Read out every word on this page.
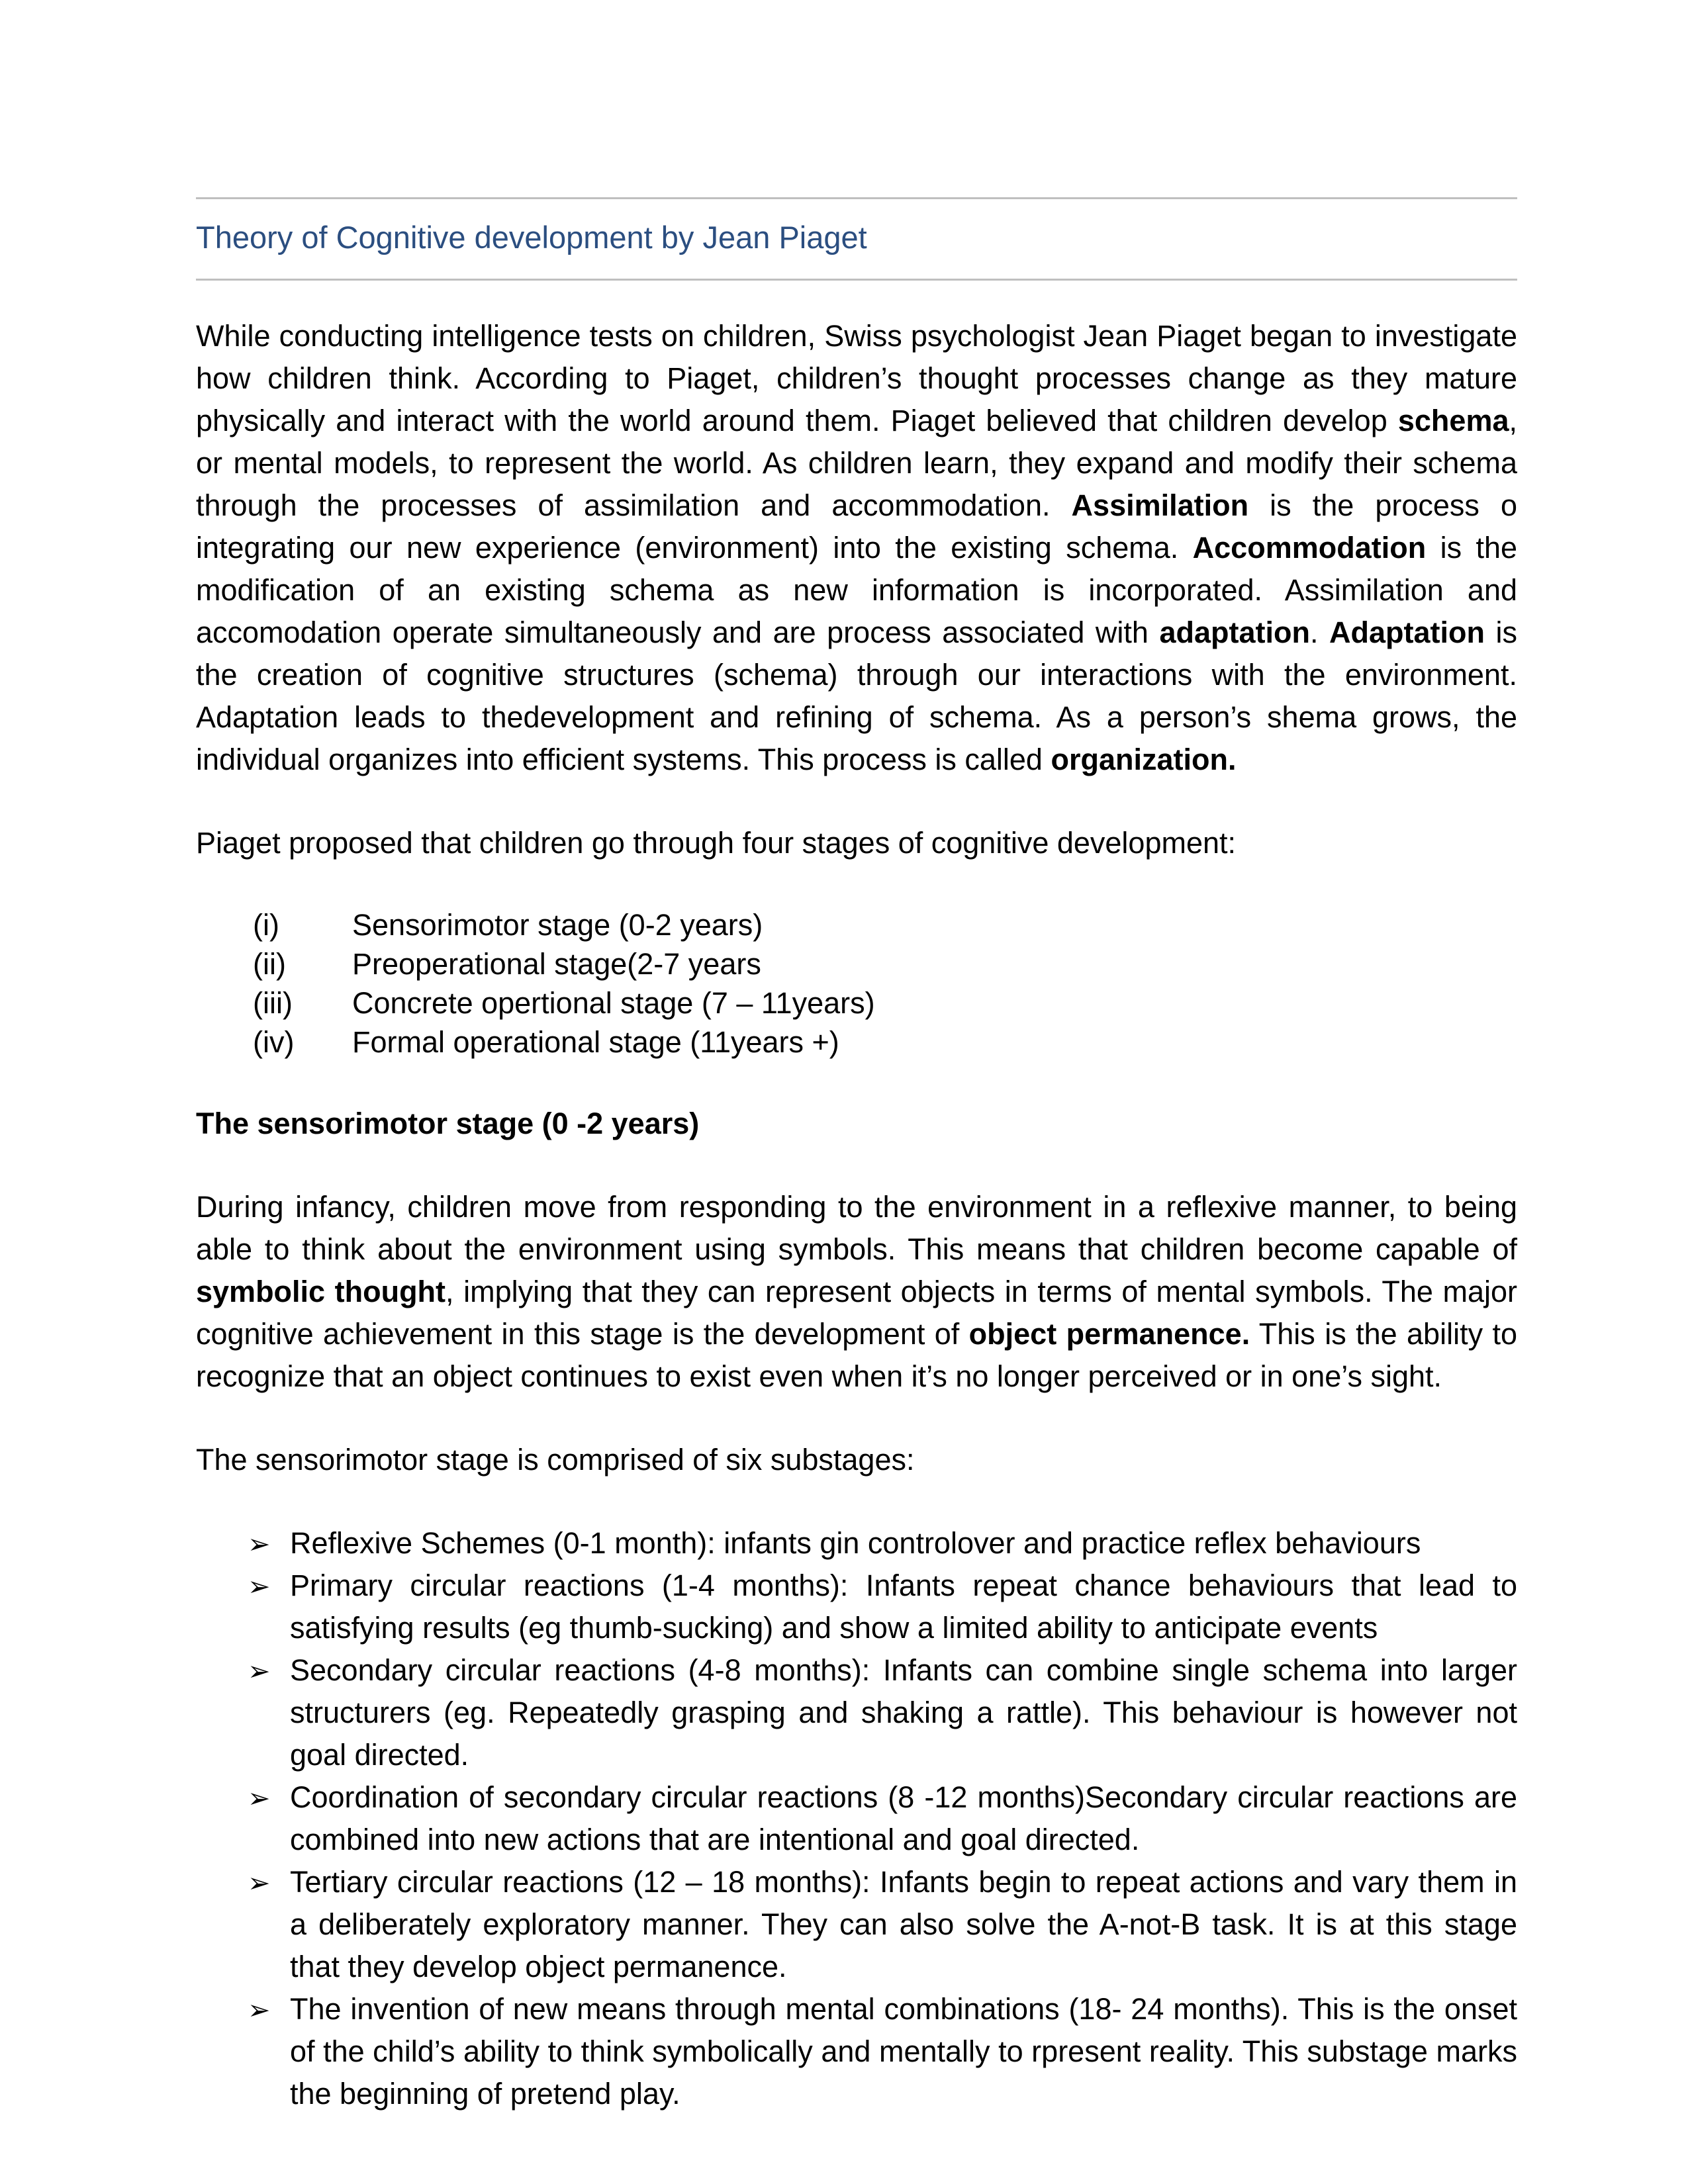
Theory of Cognitive development by Jean Piaget

While conducting intelligence tests on children, Swiss psychologist Jean Piaget began to investigate how children think. According to Piaget, children’s thought processes change as they mature physically and interact with the world around them. Piaget believed that children develop schema, or mental models, to represent the world. As children learn, they expand and modify their schema through the processes of assimilation and accommodation. Assimilation is the process o integrating our new experience (environment) into the existing schema. Accommodation is the modification of an existing schema as new information is incorporated. Assimilation and accomodation operate simultaneously and are process associated with adaptation. Adaptation is the creation of cognitive structures (schema) through our interactions with the environment. Adaptation leads to thedevelopment and refining of schema. As a person’s shema grows, the individual organizes into efficient systems. This process is called organization.

Piaget proposed that children go through four stages of cognitive development:

(i)	Sensorimotor stage (0-2 years)
(ii)	Preoperational stage(2-7 years
(iii)	Concrete opertional stage (7 – 11years)
(iv)	Formal operational stage (11years +)

The sensorimotor stage (0 -2 years)

During infancy, children move from responding to the environment in a reflexive manner, to being able to think about the environment using symbols. This means that children become capable of symbolic thought, implying that they can represent objects in terms of mental symbols. The major cognitive achievement in this stage is the development of object permanence. This is the ability to recognize that an object continues to exist even when it’s no longer perceived or in one’s sight.

The sensorimotor stage is comprised of six substages:

➢ Reflexive Schemes (0-1 month): infants gin controlover and practice reflex behaviours
➢ Primary circular reactions (1-4 months): Infants repeat chance behaviours that lead to satisfying results (eg thumb-sucking) and show a limited ability to anticipate events
➢ Secondary circular reactions (4-8 months): Infants can combine single schema into larger structurers (eg. Repeatedly grasping and shaking a rattle). This behaviour is however not goal directed.
➢ Coordination of secondary circular reactions (8 -12 months)Secondary circular reactions are combined into new actions that are intentional and goal directed.
➢ Tertiary circular reactions (12 – 18 months): Infants begin to repeat actions and vary them in a deliberately exploratory manner. They can also solve the A-not-B task. It is at this stage that they develop object permanence.
➢ The invention of new means through mental combinations (18- 24 months). This is the onset of the child’s ability to think symbolically and mentally to rpresent reality. This substage marks the beginning of pretend play.
